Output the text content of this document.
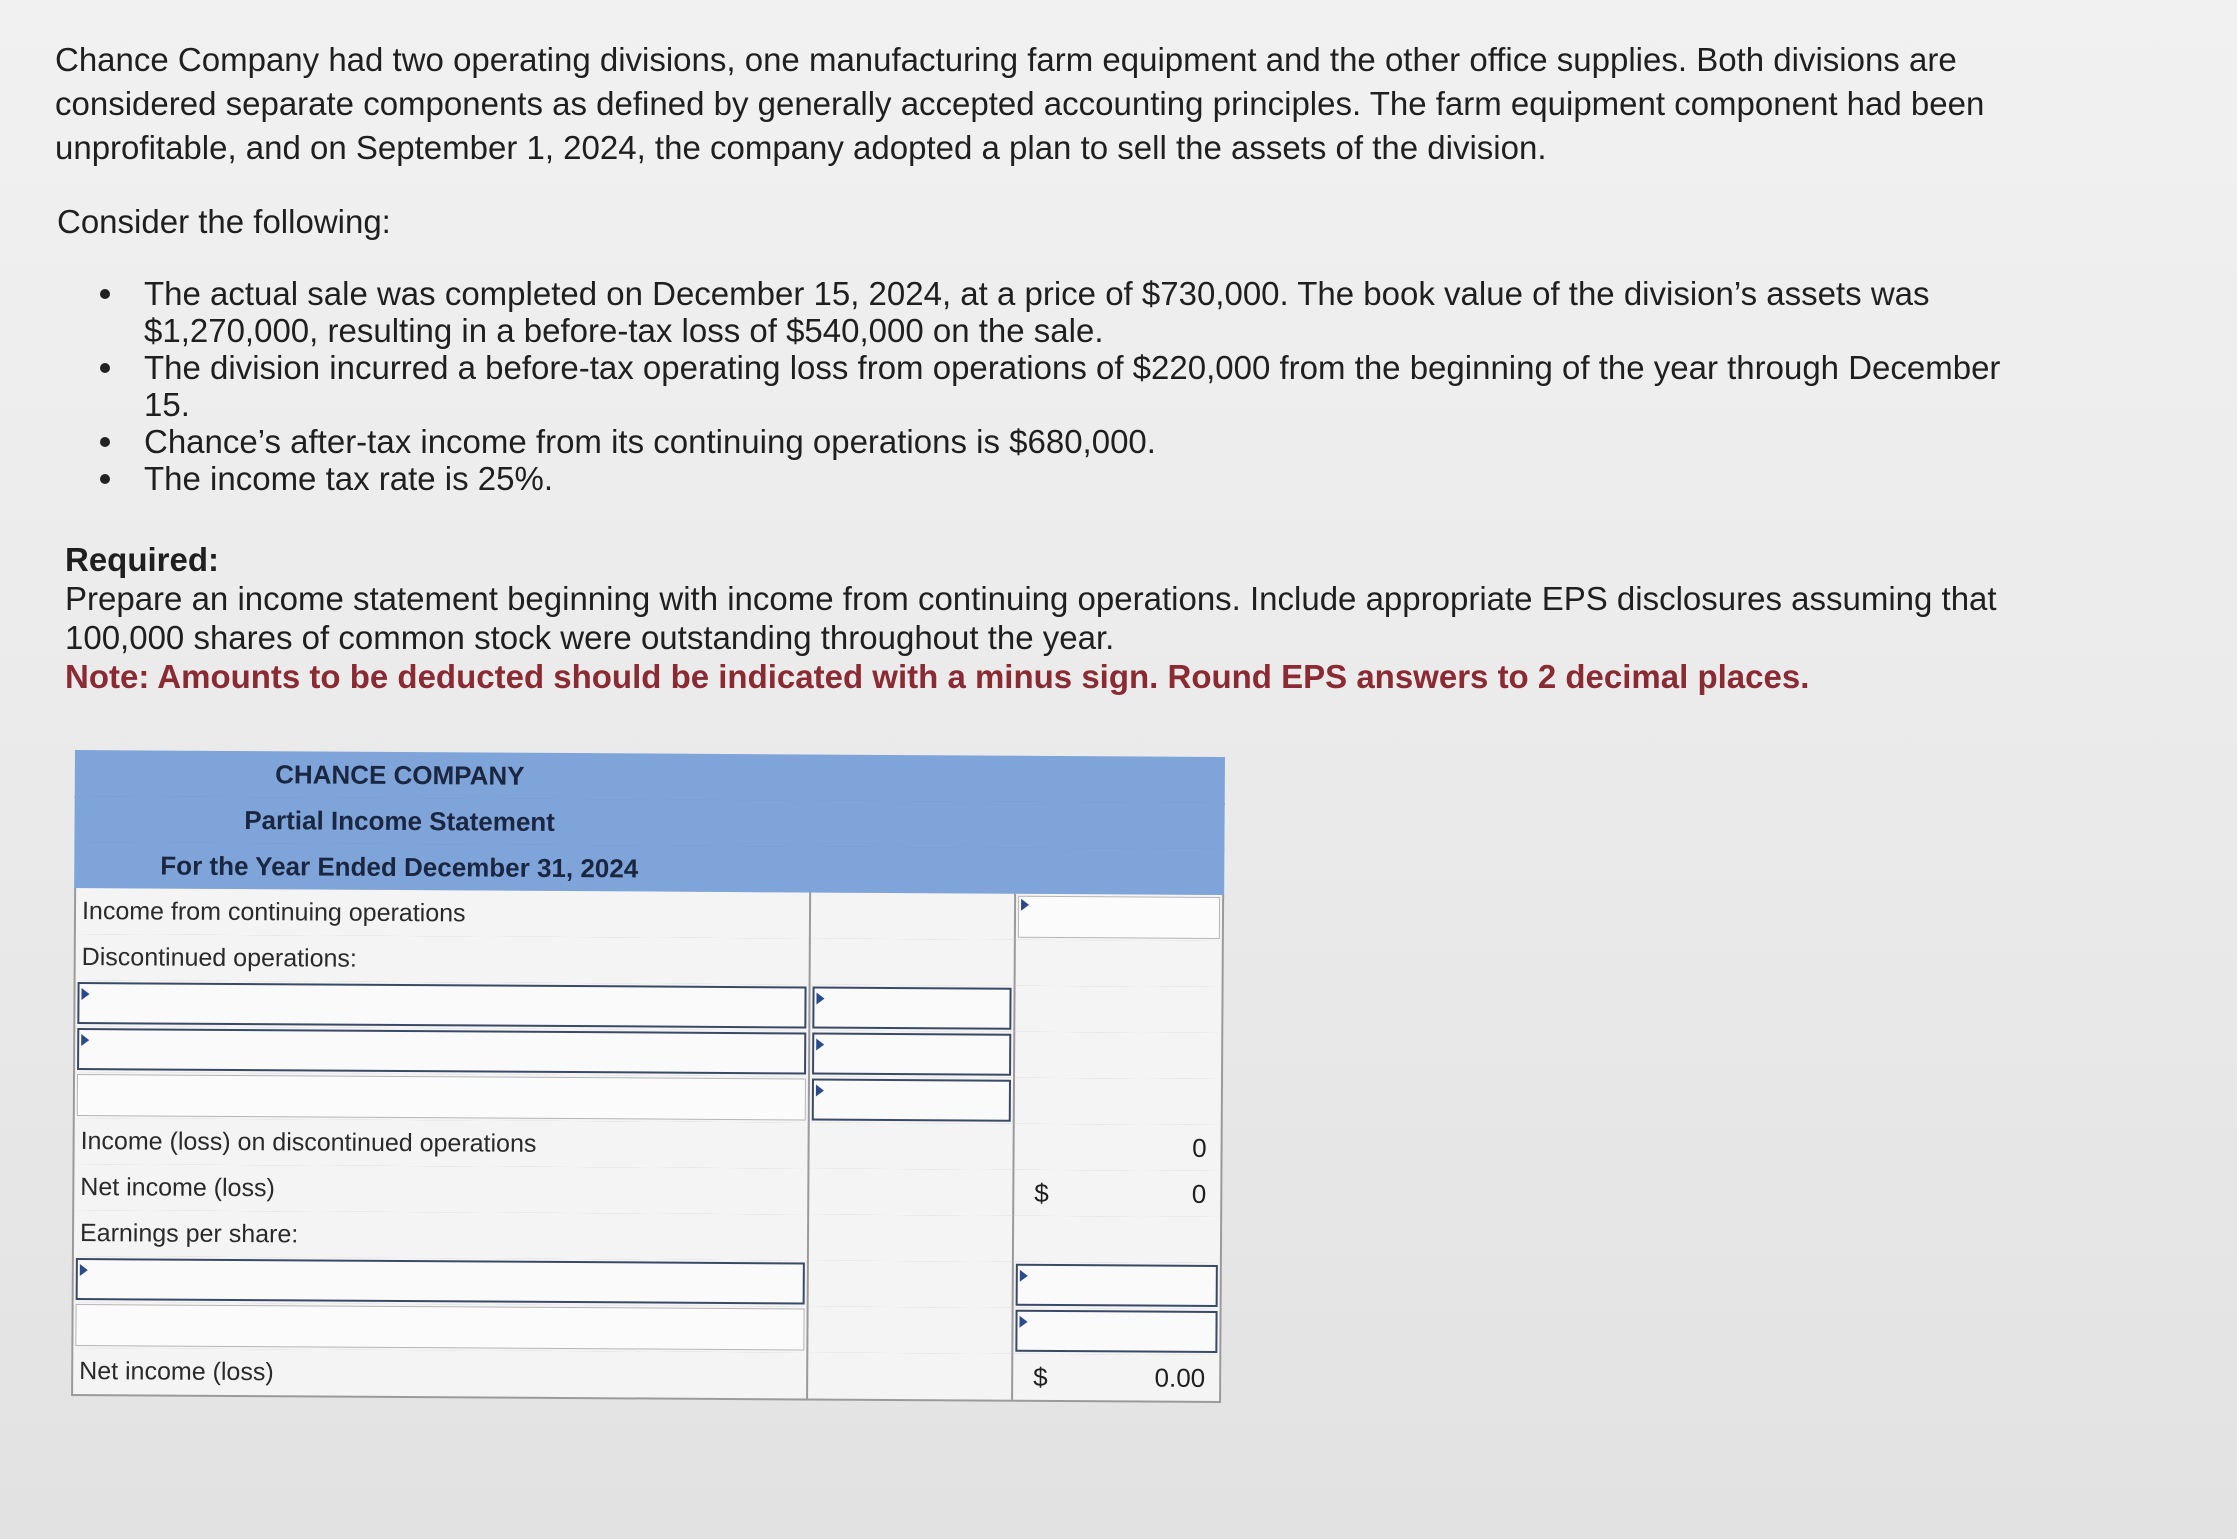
Chance Company had two operating divisions, one manufacturing farm equipment and the other office supplies. Both divisions are considered separate components as defined by generally accepted accounting principles. The farm equipment component had been unprofitable, and on September 1, 2024, the company adopted a plan to sell the assets of the division.

Consider the following:

The actual sale was completed on December 15, 2024, at a price of $730,000. The book value of the division’s assets was $1,270,000, resulting in a before-tax loss of $540,000 on the sale.
The division incurred a before-tax operating loss from operations of $220,000 from the beginning of the year through December 15.
Chance’s after-tax income from its continuing operations is $680,000.
The income tax rate is 25%.
Required:
Prepare an income statement beginning with income from continuing operations. Include appropriate EPS disclosures assuming that 100,000 shares of common stock were outstanding throughout the year.
Note: Amounts to be deducted should be indicated with a minus sign. Round EPS answers to 2 decimal places.
CHANCE COMPANY
Partial Income Statement
For the Year Ended December 31, 2024
Income from continuing operations
Discontinued operations:
Income (loss) on discontinued operations	0
Net income (loss)	$	0
Earnings per share:
Net income (loss)	$	0.00
